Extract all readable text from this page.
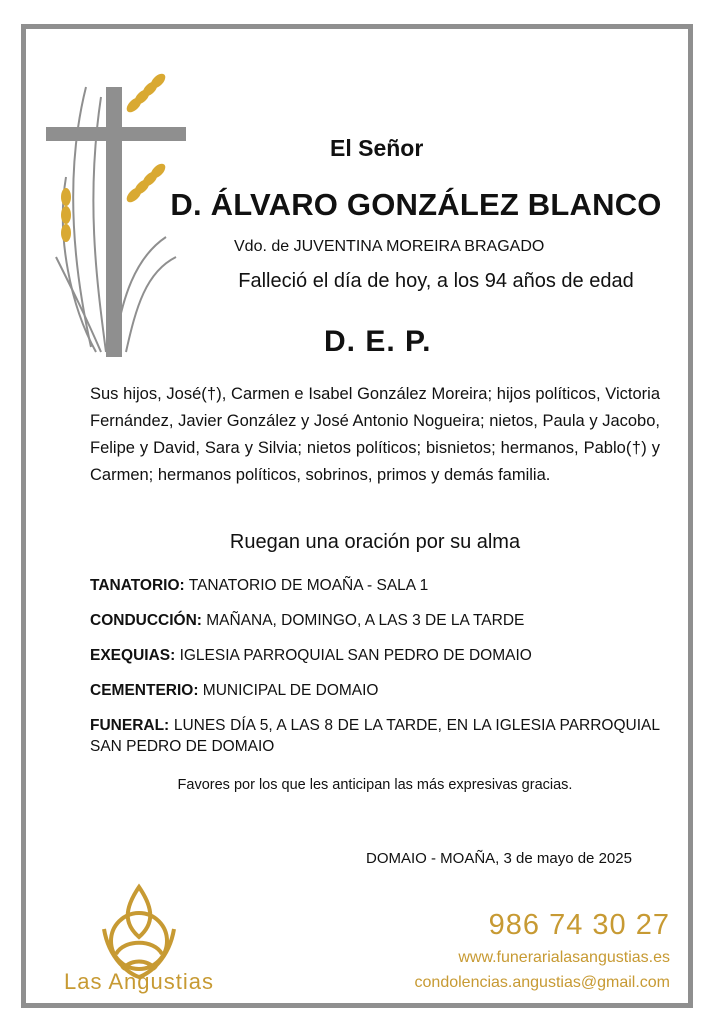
El Señor
D. ÁLVARO GONZÁLEZ BLANCO
Vdo. de JUVENTINA MOREIRA BRAGADO
Falleció el día de hoy, a los 94 años de edad
D. E. P.
Sus hijos, José(†), Carmen e Isabel González Moreira; hijos políticos, Victoria Fernández, Javier González y José Antonio Nogueira; nietos, Paula y Jacobo, Felipe y David, Sara y Silvia; nietos políticos; bisnietos; hermanos, Pablo(†) y Carmen; hermanos políticos, sobrinos, primos y demás familia.
Ruegan una oración por su alma
TANATORIO: TANATORIO DE MOAÑA - SALA 1
CONDUCCIÓN: MAÑANA, DOMINGO, A LAS 3 DE LA TARDE
EXEQUIAS: IGLESIA PARROQUIAL SAN PEDRO DE DOMAIO
CEMENTERIO: MUNICIPAL DE DOMAIO
FUNERAL: LUNES DÍA 5, A LAS 8 DE LA TARDE, EN LA IGLESIA PARROQUIAL SAN PEDRO DE DOMAIO
Favores por los que les anticipan las más expresivas gracias.
DOMAIO - MOAÑA, 3 de mayo de 2025
Las Angustias
986 74 30 27
www.funerarialasangustias.es
condolencias.angustias@gmail.com
